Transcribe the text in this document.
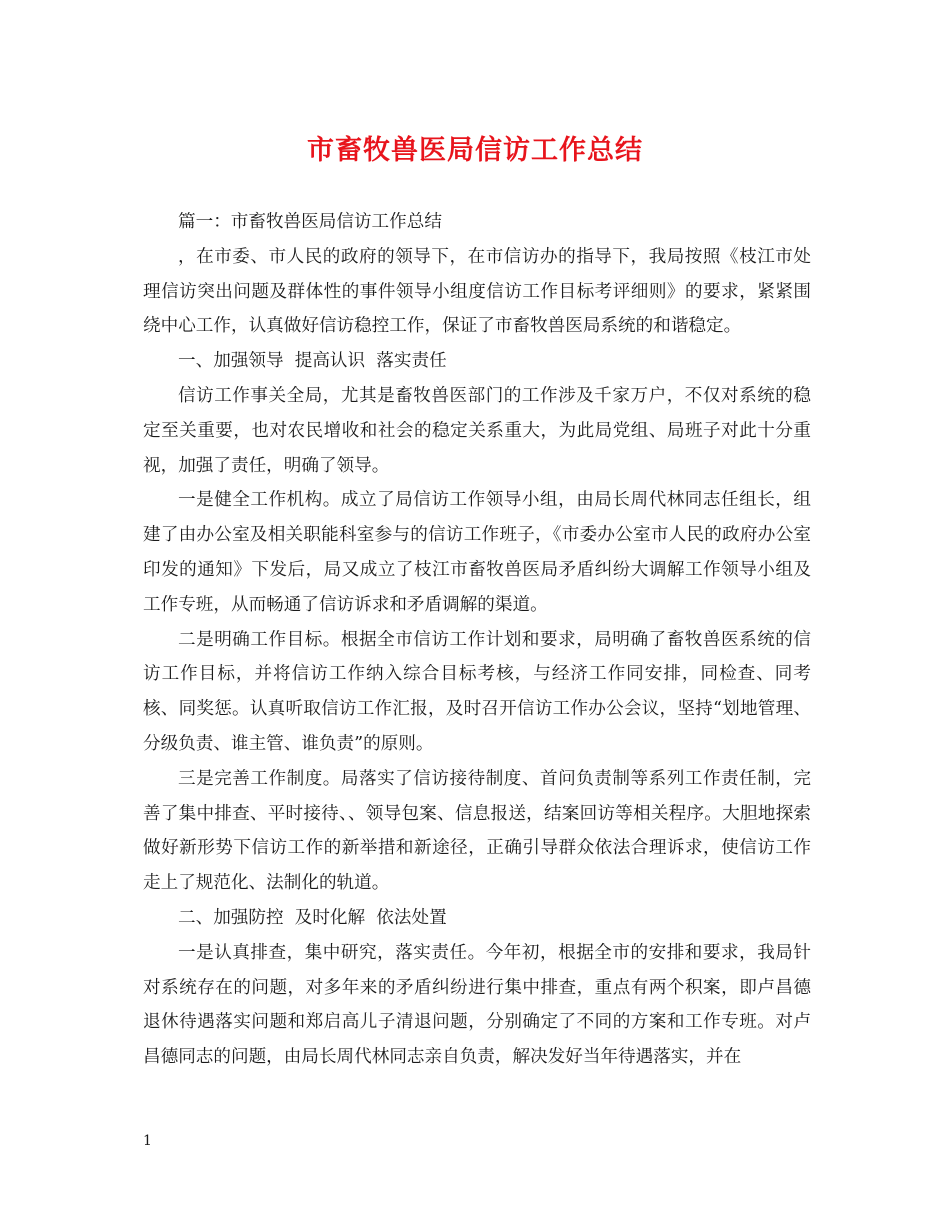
市畜牧兽医局信访工作总结

篇一：市畜牧兽医局信访工作总结

，在市委、市人民的政府的领导下，在市信访办的指导下，我局按照《枝江市处理信访突出问题及群体性的事件领导小组度信访工作目标考评细则》的要求，紧紧围绕中心工作，认真做好信访稳控工作，保证了市畜牧兽医局系统的和谐稳定。

一、加强领导  提高认识  落实责任

信访工作事关全局，尤其是畜牧兽医部门的工作涉及千家万户，不仅对系统的稳定至关重要，也对农民增收和社会的稳定关系重大，为此局党组、局班子对此十分重视，加强了责任，明确了领导。

一是健全工作机构。成立了局信访工作领导小组，由局长周代林同志任组长，组建了由办公室及相关职能科室参与的信访工作班子，《市委办公室市人民的政府办公室印发的通知》下发后，局又成立了枝江市畜牧兽医局矛盾纠纷大调解工作领导小组及工作专班，从而畅通了信访诉求和矛盾调解的渠道。

二是明确工作目标。根据全市信访工作计划和要求，局明确了畜牧兽医系统的信访工作目标，并将信访工作纳入综合目标考核，与经济工作同安排，同检查、同考核、同奖惩。认真听取信访工作汇报，及时召开信访工作办公会议，坚持“划地管理、分级负责、谁主管、谁负责”的原则。

三是完善工作制度。局落实了信访接待制度、首问负责制等系列工作责任制，完善了集中排查、平时接待、、领导包案、信息报送，结案回访等相关程序。大胆地探索做好新形势下信访工作的新举措和新途径，正确引导群众依法合理诉求，使信访工作走上了规范化、法制化的轨道。

二、加强防控  及时化解  依法处置

一是认真排查，集中研究，落实责任。今年初，根据全市的安排和要求，我局针对系统存在的问题，对多年来的矛盾纠纷进行集中排查，重点有两个积案，即卢昌德退休待遇落实问题和郑启高儿子清退问题，分别确定了不同的方案和工作专班。对卢昌德同志的问题，由局长周代林同志亲自负责，解决发好当年待遇落实，并在

1
